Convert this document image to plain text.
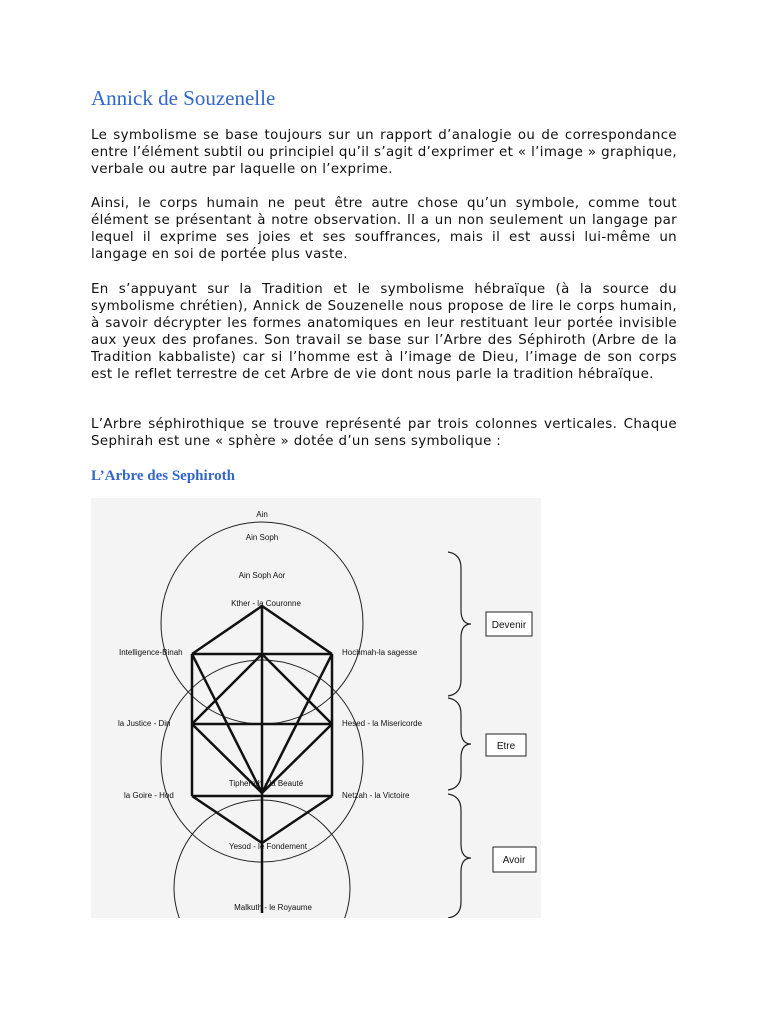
Annick de Souzenelle

Le symbolisme se base toujours sur un rapport d’analogie ou de correspondance entre l’élément subtil ou principiel qu’il s’agit d’exprimer et « l’image » graphique, verbale ou autre par laquelle on l’exprime.

Ainsi, le corps humain ne peut être autre chose qu’un symbole, comme tout élément se présentant à notre observation. Il a un non seulement un langage par lequel il exprime ses joies et ses souffrances, mais il est aussi lui-même un langage en soi de portée plus vaste.

En s’appuyant sur la Tradition et le symbolisme hébraïque (à la source du symbolisme chrétien), Annick de Souzenelle nous propose de lire le corps humain, à savoir décrypter les formes anatomiques en leur restituant leur portée invisible aux yeux des profanes. Son travail se base sur l’Arbre des Séphiroth (Arbre de la Tradition kabbaliste) car si l’homme est à l’image de Dieu, l’image de son corps est le reflet terrestre de cet Arbre de vie dont nous parle la tradition hébraïque.

L’Arbre séphirothique se trouve représenté par trois colonnes verticales. Chaque Sephirah est une « sphère » dotée d’un sens symbolique :

L’Arbre des Sephiroth
Ain
Ain Soph
Ain Soph Aor
Kther - la Couronne
Intelligence-Binah	Hochmah-la sagesse
la Justice - Din	Hesed - la Misericorde
Tiphereth - la Beauté
la Goire - Hod	Netzah - la Victoire
Yesod - le Fondement
Malkuth - le Royaume
Devenir
Etre
Avoir
